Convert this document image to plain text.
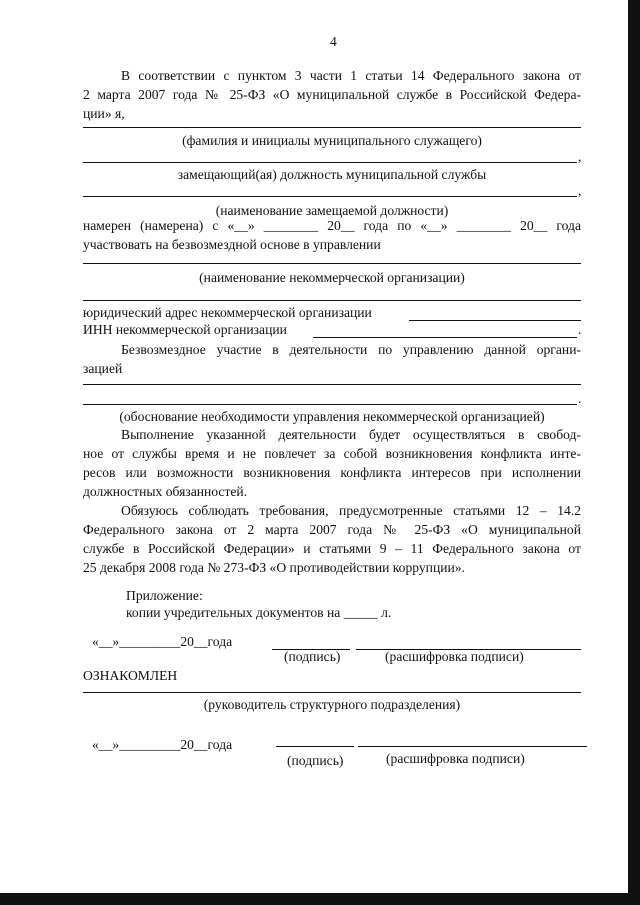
4
В соответствии с пунктом 3 части 1 статьи 14 Федерального закона от
2 марта 2007 года № 25-ФЗ «О муниципальной службе в Российской Федера-
ции» я,
(фамилия и инициалы муниципального служащего)
,
замещающий(ая) должность муниципальной службы
,
(наименование замещаемой должности)
намерен (намерена) с «__» ________ 20__ года по «__» ________ 20__ года
участвовать на безвозмездной основе в управлении
(наименование некоммерческой организации)
юридический адрес некоммерческой организации
ИНН некоммерческой организации	.
Безвозмездное участие в деятельности по управлению данной органи-
зацией
.
(обоснование необходимости управления некоммерческой организацией)
Выполнение указанной деятельности будет осуществляться в свобод-
ное от службы время и не повлечет за собой возникновения конфликта инте-
ресов или возможности возникновения конфликта интересов при исполнении
должностных обязанностей.
Обязуюсь соблюдать требования, предусмотренные статьями 12 – 14.2
Федерального закона от 2 марта 2007 года № 25-ФЗ «О муниципальной
службе в Российской Федерации» и статьями 9 – 11 Федерального закона от
25 декабря 2008 года № 273-ФЗ «О противодействии коррупции».
Приложение:
копии учредительных документов на _____ л.
«__»_________20__года
(подпись)	(расшифровка подписи)
ОЗНАКОМЛЕН
(руководитель структурного подразделения)
«__»_________20__года
(подпись)	(расшифровка подписи)
